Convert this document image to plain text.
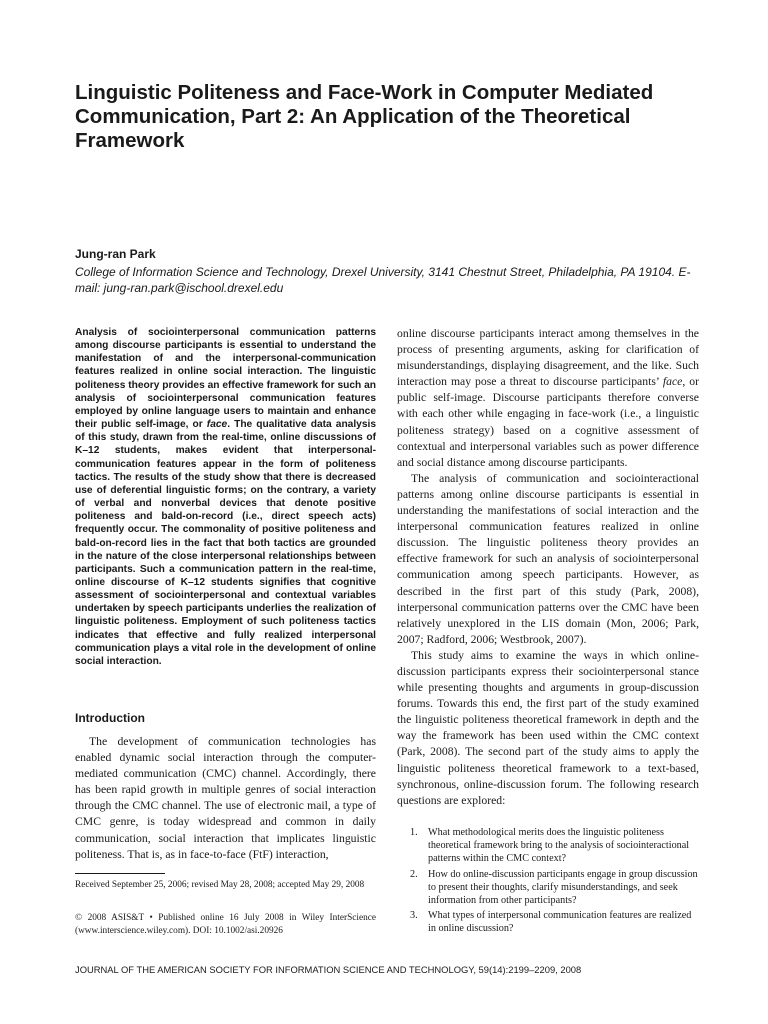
Linguistic Politeness and Face-Work in Computer Mediated Communication, Part 2: An Application of the Theoretical Framework

Jung-ran Park

College of Information Science and Technology, Drexel University, 3141 Chestnut Street, Philadelphia, PA 19104. E-mail: jung-ran.park@ischool.drexel.edu

Analysis of sociointerpersonal communication patterns among discourse participants is essential to understand the manifestation of and the interpersonal-communication features realized in online social interaction. The linguistic politeness theory provides an effective framework for such an analysis of sociointerpersonal communication features employed by online language users to maintain and enhance their public self-image, or face. The qualitative data analysis of this study, drawn from the real-time, online discussions of K–12 students, makes evident that interpersonal-communication features appear in the form of politeness tactics. The results of the study show that there is decreased use of deferential linguistic forms; on the contrary, a variety of verbal and nonverbal devices that denote positive politeness and bald-on-record (i.e., direct speech acts) frequently occur. The commonality of positive politeness and bald-on-record lies in the fact that both tactics are grounded in the nature of the close interpersonal relationships between participants. Such a communication pattern in the real-time, online discourse of K–12 students signifies that cognitive assessment of sociointerpersonal and contextual variables undertaken by speech participants underlies the realization of linguistic politeness. Employment of such politeness tactics indicates that effective and fully realized interpersonal communication plays a vital role in the development of online social interaction.

Introduction

The development of communication technologies has enabled dynamic social interaction through the computer-mediated communication (CMC) channel. Accordingly, there has been rapid growth in multiple genres of social interaction through the CMC channel. The use of electronic mail, a type of CMC genre, is today widespread and common in daily communication, social interaction that implicates linguistic politeness. That is, as in face-to-face (FtF) interaction,

Received September 25, 2006; revised May 28, 2008; accepted May 29, 2008

© 2008 ASIS&T • Published online 16 July 2008 in Wiley InterScience (www.interscience.wiley.com). DOI: 10.1002/asi.20926

online discourse participants interact among themselves in the process of presenting arguments, asking for clarification of misunderstandings, displaying disagreement, and the like. Such interaction may pose a threat to discourse participants’ face, or public self-image. Discourse participants therefore converse with each other while engaging in face-work (i.e., a linguistic politeness strategy) based on a cognitive assessment of contextual and interpersonal variables such as power difference and social distance among discourse participants.

The analysis of communication and sociointeractional patterns among online discourse participants is essential in understanding the manifestations of social interaction and the interpersonal communication features realized in online discussion. The linguistic politeness theory provides an effective framework for such an analysis of sociointerpersonal communication among speech participants. However, as described in the first part of this study (Park, 2008), interpersonal communication patterns over the CMC have been relatively unexplored in the LIS domain (Mon, 2006; Park, 2007; Radford, 2006; Westbrook, 2007).

This study aims to examine the ways in which online-discussion participants express their sociointerpersonal stance while presenting thoughts and arguments in group-discussion forums. Towards this end, the first part of the study examined the linguistic politeness theoretical framework in depth and the way the framework has been used within the CMC context (Park, 2008). The second part of the study aims to apply the linguistic politeness theoretical framework to a text-based, synchronous, online-discussion forum. The following research questions are explored:

1. What methodological merits does the linguistic politeness theoretical framework bring to the analysis of sociointeractional patterns within the CMC context?
2. How do online-discussion participants engage in group discussion to present their thoughts, clarify misunderstandings, and seek information from other participants?
3. What types of interpersonal communication features are realized in online discussion?

JOURNAL OF THE AMERICAN SOCIETY FOR INFORMATION SCIENCE AND TECHNOLOGY, 59(14):2199–2209, 2008
